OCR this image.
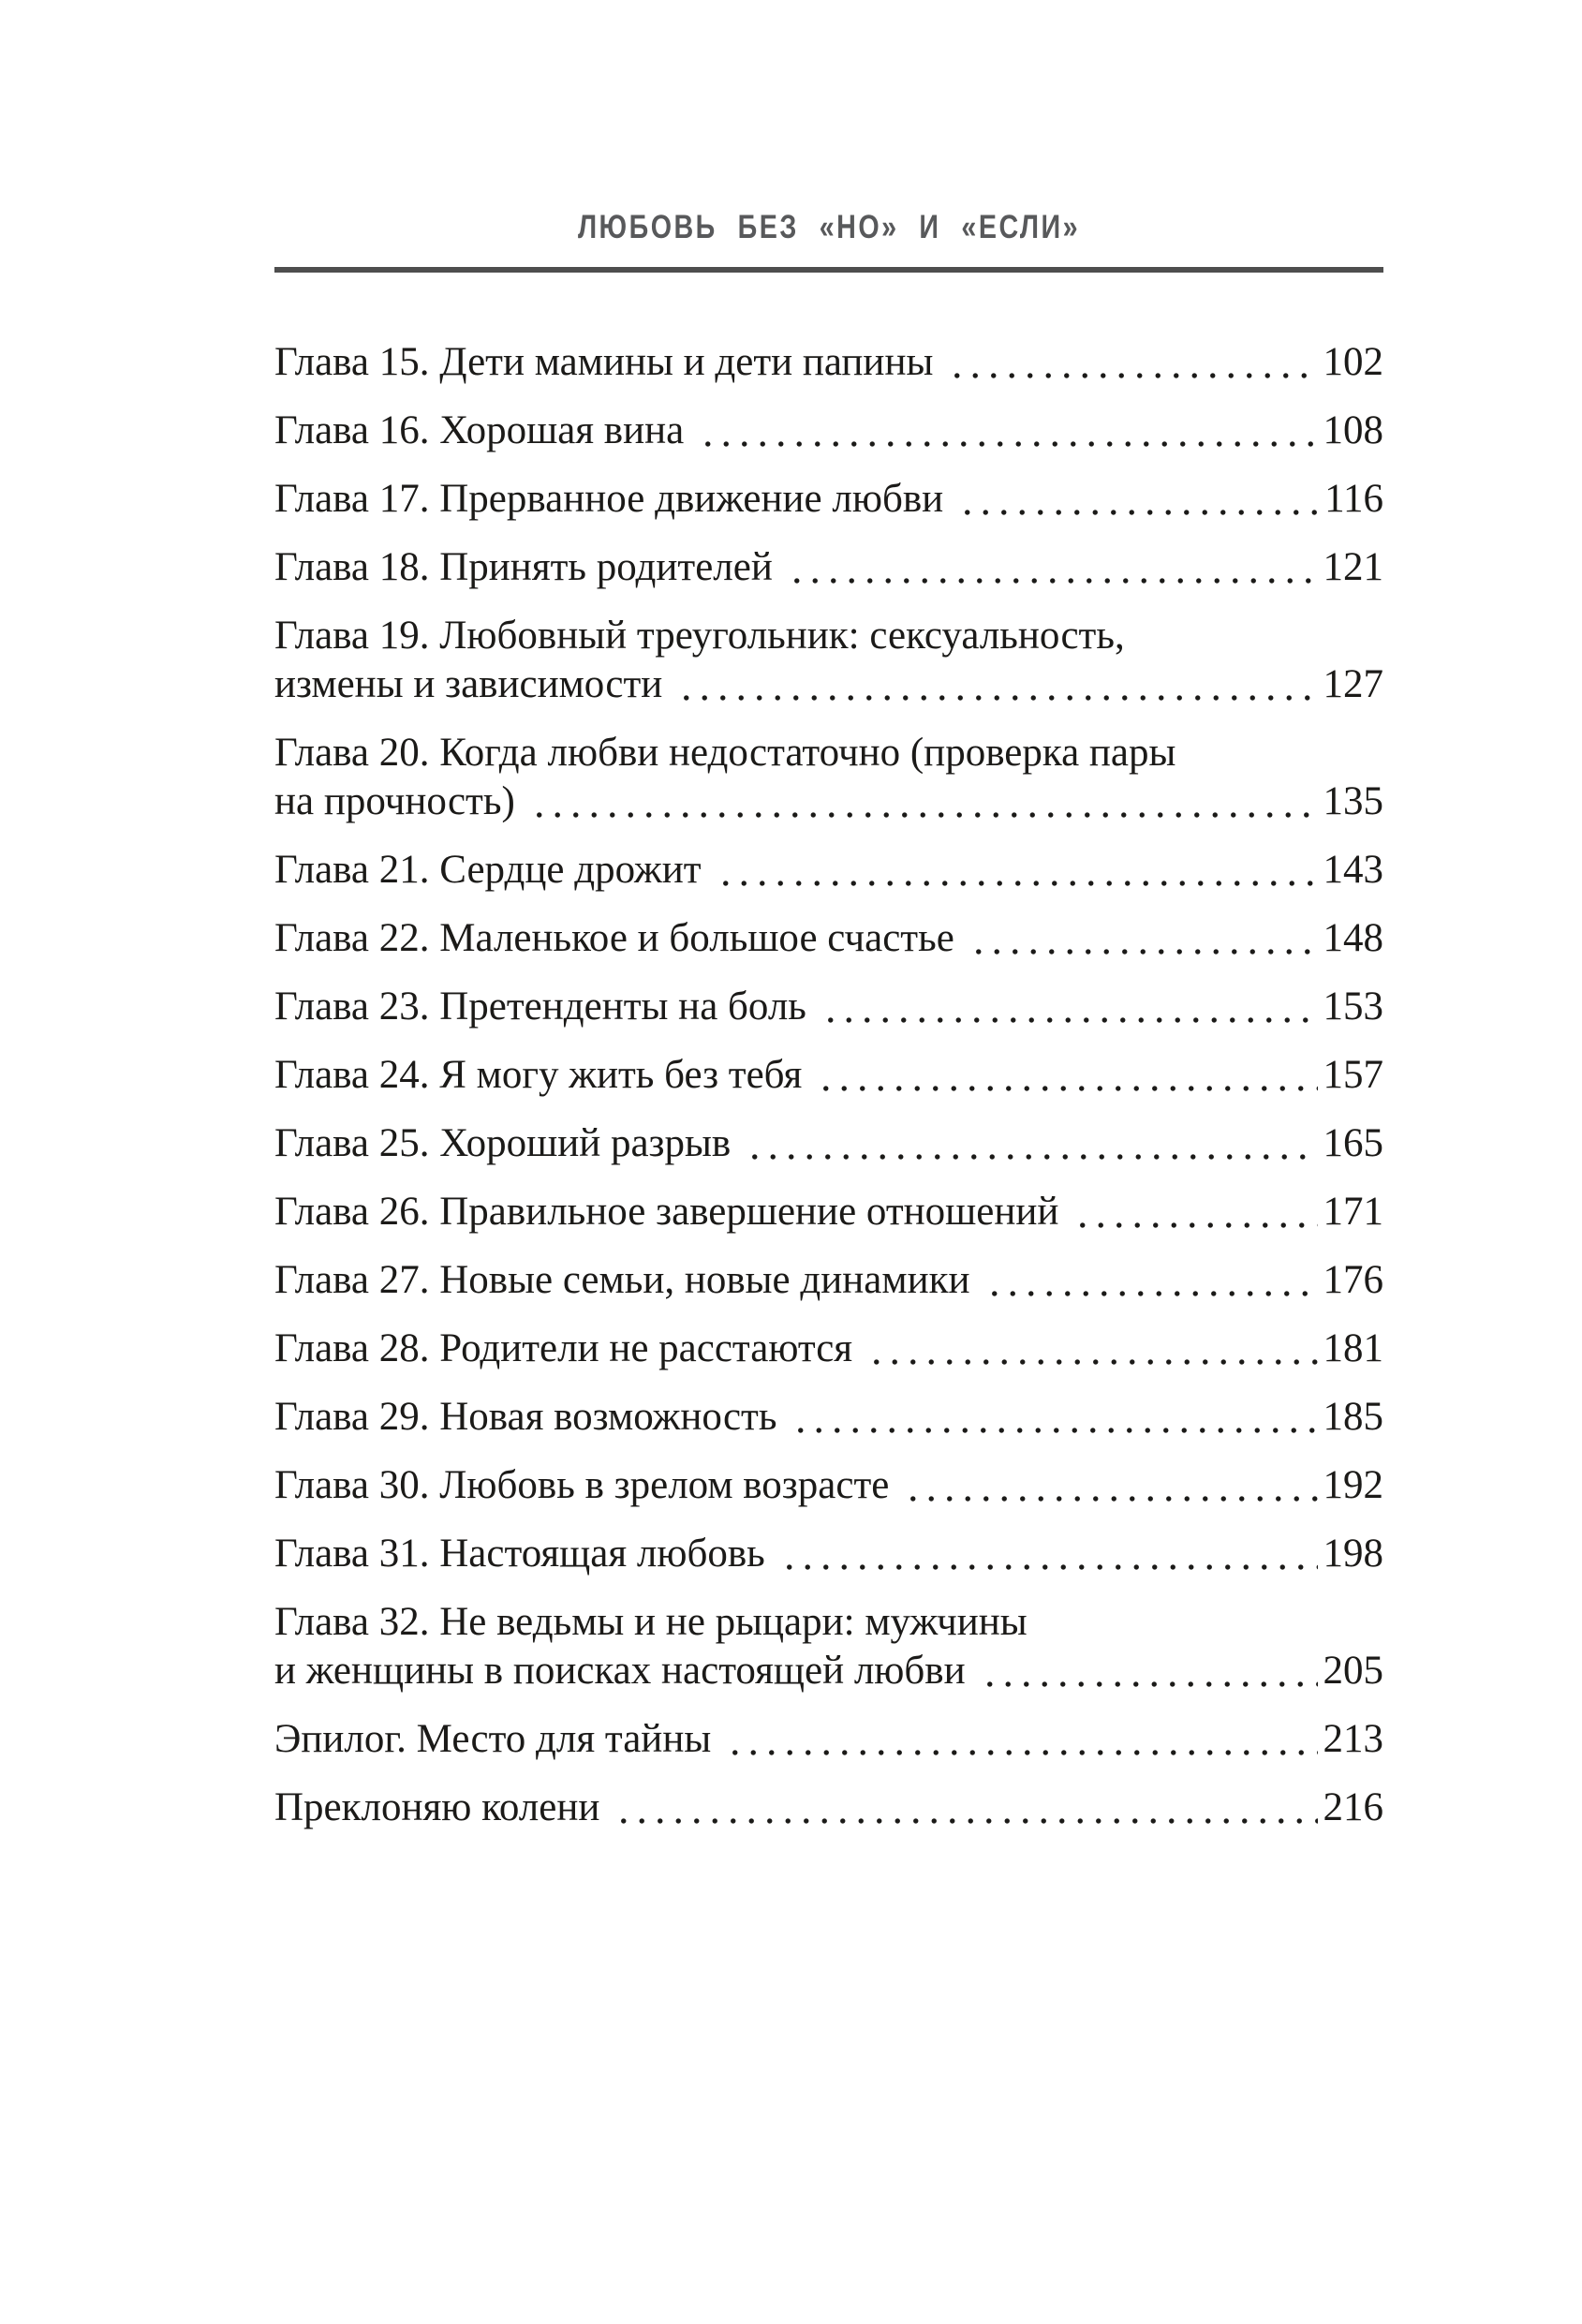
ЛЮБОВЬ БЕЗ «НО» И «ЕСЛИ»
Глава 15. Дети мамины и дети папины	102
Глава 16. Хорошая вина	108
Глава 17. Прерванное движение любви	116
Глава 18. Принять родителей	121
Глава 19. Любовный треугольник: сексуальность,
измены и зависимости	127
Глава 20. Когда любви недостаточно (проверка пары
на прочность)	135
Глава 21. Сердце дрожит	143
Глава 22. Маленькое и большое счастье	148
Глава 23. Претенденты на боль	153
Глава 24. Я могу жить без тебя	157
Глава 25. Хороший разрыв	165
Глава 26. Правильное завершение отношений	171
Глава 27. Новые семьи, новые динамики	176
Глава 28. Родители не расстаются	181
Глава 29. Новая возможность	185
Глава 30. Любовь в зрелом возрасте	192
Глава 31. Настоящая любовь	198
Глава 32. Не ведьмы и не рыцари: мужчины
и женщины в поисках настоящей любви	205
Эпилог. Место для тайны	213
Преклоняю колени	216
